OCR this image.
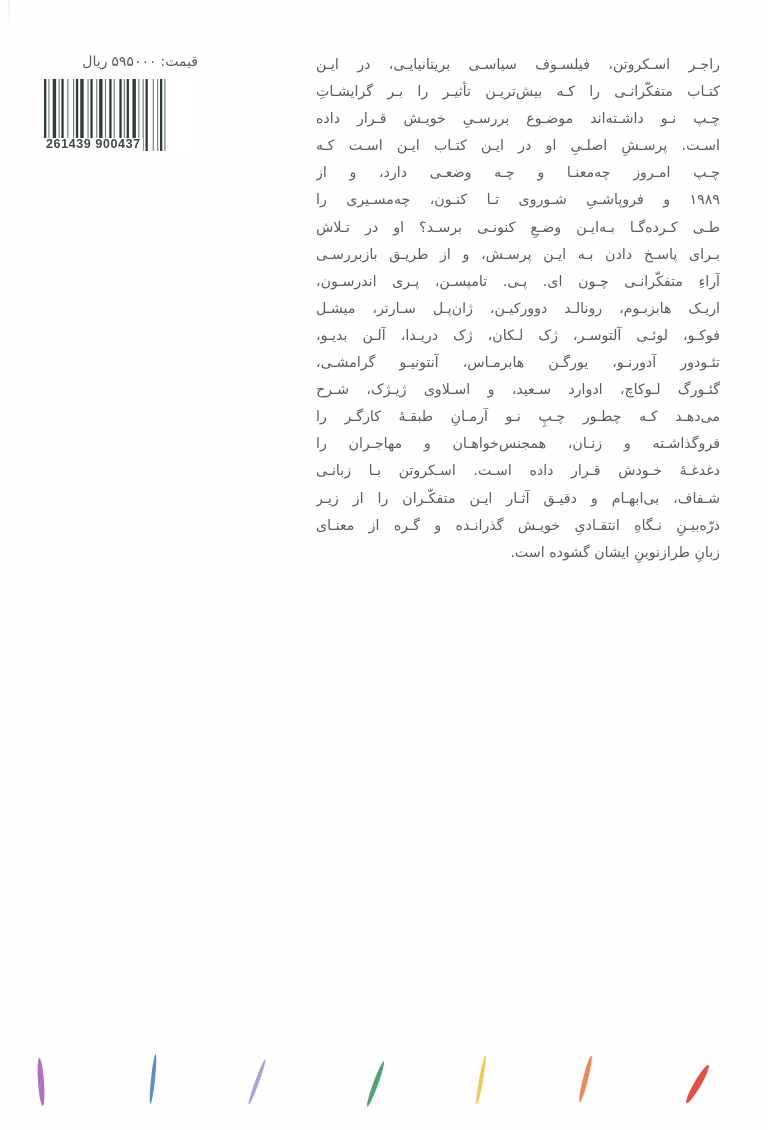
قیمت:۵۹۵۰۰۰ریال
261439 900437
راجـر اسـکروتن، فیلسـوف سیاسـی بریتانیایـی، در ایـن
کتـاب متفکّرانـی را کـه بیش‌تریـن تأثیـر را بـر گرایشـاتِ
چـپ نـو داشـته‌اند موضـوع بررسـیِ خویـش قـرار داده
اسـت. پرسـشِ اصلـیِ او در ایـن کتـاب ایـن اسـت کـه
چـپ امـروز چه‌معنـا و چـه وضعـی دارد، و از
۱۹۸۹ و فروپاشـیِ شـوروی تـا کنـون، چه‌مسـیری را
طـی کـرده‌گـا بـه‌ایـن وضـعِ کنونـی برسـد؟ او در تـلاش
بـرای پاسـخ دادن بـه ایـن پرسـش، و از طریـق بازبررسـی
آراءِ متفکّرانـی چـون ای. پـی. تامپسـن، پـری اندرسـون،
اریـک هابزبـوم، رونالـد دوورکیـن، ژان‌پـل سـارتر، میشـل
فوکـو، لوئـی آلتوسـر، ژک لـکان، ژک دریـدا، آلـن بدیـو،
تئـودور آدورنـو، یورگـن هابرمـاس، آنتونیـو گرامشـی،
گئـورگ لـوکاچ، ادوارد سـعید، و اسـلاوی ژیـژک، شـرح
می‌دهـد کـه چطـور چـپِ نـو آرمـانِ طبقـهٔ کارگـر را
فروگذاشـته و زنـان، همجنس‌خواهـان و مهاجـران را
دغدغـهٔ خـودش قـرار داده اسـت. اسـکروتن بـا زبانـی
شـفاف، بی‌ابهـام و دقیـق آثـار ایـن متفکّـران را از زیـر
ذرّه‌بیـنِ نـگاهِ انتقـادیِ خویـش گذرانـده و گـره از معنـای
زبانِ طرازنوینِ ایشان گشوده است.
